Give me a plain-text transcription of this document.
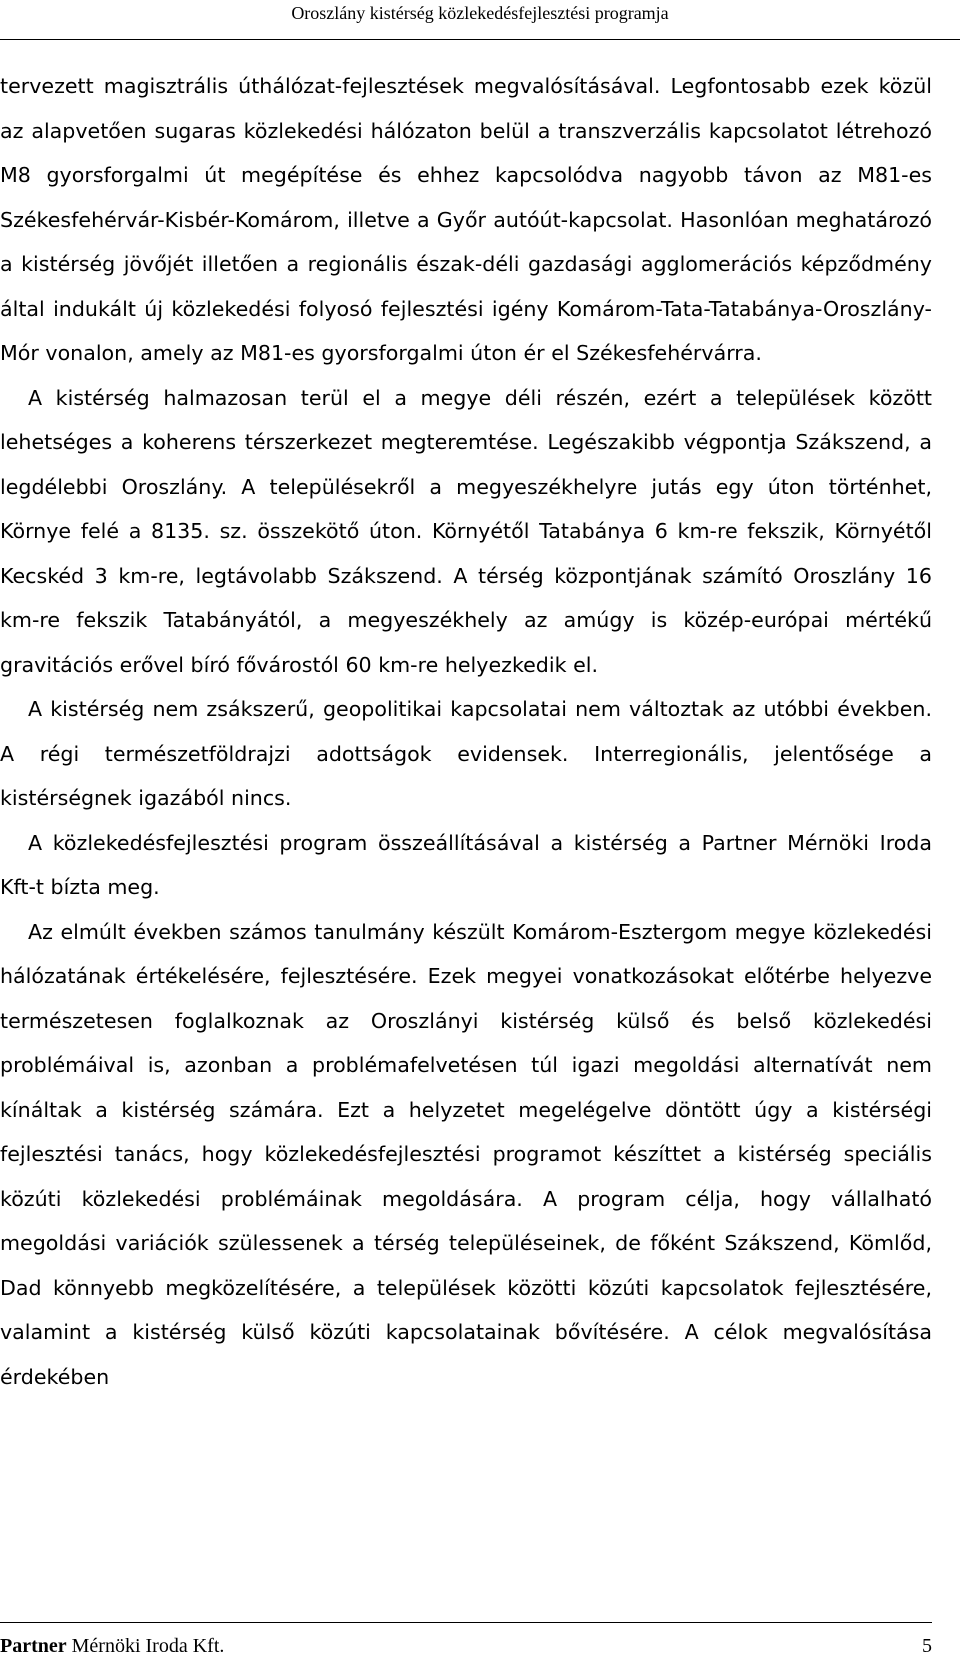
Oroszlány kistérség közlekedésfejlesztési programja

tervezett magisztrális úthálózat-fejlesztések megvalósításával. Legfontosabb ezek közül az alapvetően sugaras közlekedési hálózaton belül a transzverzális kapcsolatot létrehozó M8 gyorsforgalmi út megépítése és ehhez kapcsolódva nagyobb távon az M81-es Székesfehérvár-Kisbér-Komárom, illetve a Győr autóút-kapcsolat. Hasonlóan meghatározó a kistérség jövőjét illetően a regionális észak-déli gazdasági agglomerációs képződmény által indukált új közlekedési folyosó fejlesztési igény Komárom-Tata-Tatabánya-Oroszlány-Mór vonalon, amely az M81-es gyorsforgalmi úton ér el Székesfehérvárra.

A kistérség halmazosan terül el a megye déli részén, ezért a települések között lehetséges a koherens térszerkezet megteremtése. Legészakibb végpontja Szákszend, a legdélebbi Oroszlány. A településekről a megyeszékhelyre jutás egy úton történhet, Környe felé a 8135. sz. összekötő úton. Környétől Tatabánya 6 km-re fekszik, Környétől Kecskéd 3 km-re, legtávolabb Szákszend. A térség központjának számító Oroszlány 16 km-re fekszik Tatabányától, a megyeszékhely az amúgy is közép-európai mértékű gravitációs erővel bíró fővárostól 60 km-re helyezkedik el.

A kistérség nem zsákszerű, geopolitikai kapcsolatai nem változtak az utóbbi években. A régi természetföldrajzi adottságok evidensek. Interregionális, jelentősége a kistérségnek igazából nincs.

A közlekedésfejlesztési program összeállításával a kistérség a Partner Mérnöki Iroda Kft-t bízta meg.

Az elmúlt években számos tanulmány készült Komárom-Esztergom megye közlekedési hálózatának értékelésére, fejlesztésére. Ezek megyei vonatkozásokat előtérbe helyezve természetesen foglalkoznak az Oroszlányi kistérség külső és belső közlekedési problémáival is, azonban a problémafelvetésen túl igazi megoldási alternatívát nem kínáltak a kistérség számára. Ezt a helyzetet megelégelve döntött úgy a kistérségi fejlesztési tanács, hogy közlekedésfejlesztési programot készíttet a kistérség speciális közúti közlekedési problémáinak megoldására. A program célja, hogy vállalható megoldási variációk szülessenek a térség településeinek, de főként Szákszend, Kömlőd, Dad könnyebb megközelítésére, a települések közötti közúti kapcsolatok fejlesztésére, valamint a kistérség külső közúti kapcsolatainak bővítésére. A célok megvalósítása érdekében

Partner Mérnöki Iroda Kft.	5
